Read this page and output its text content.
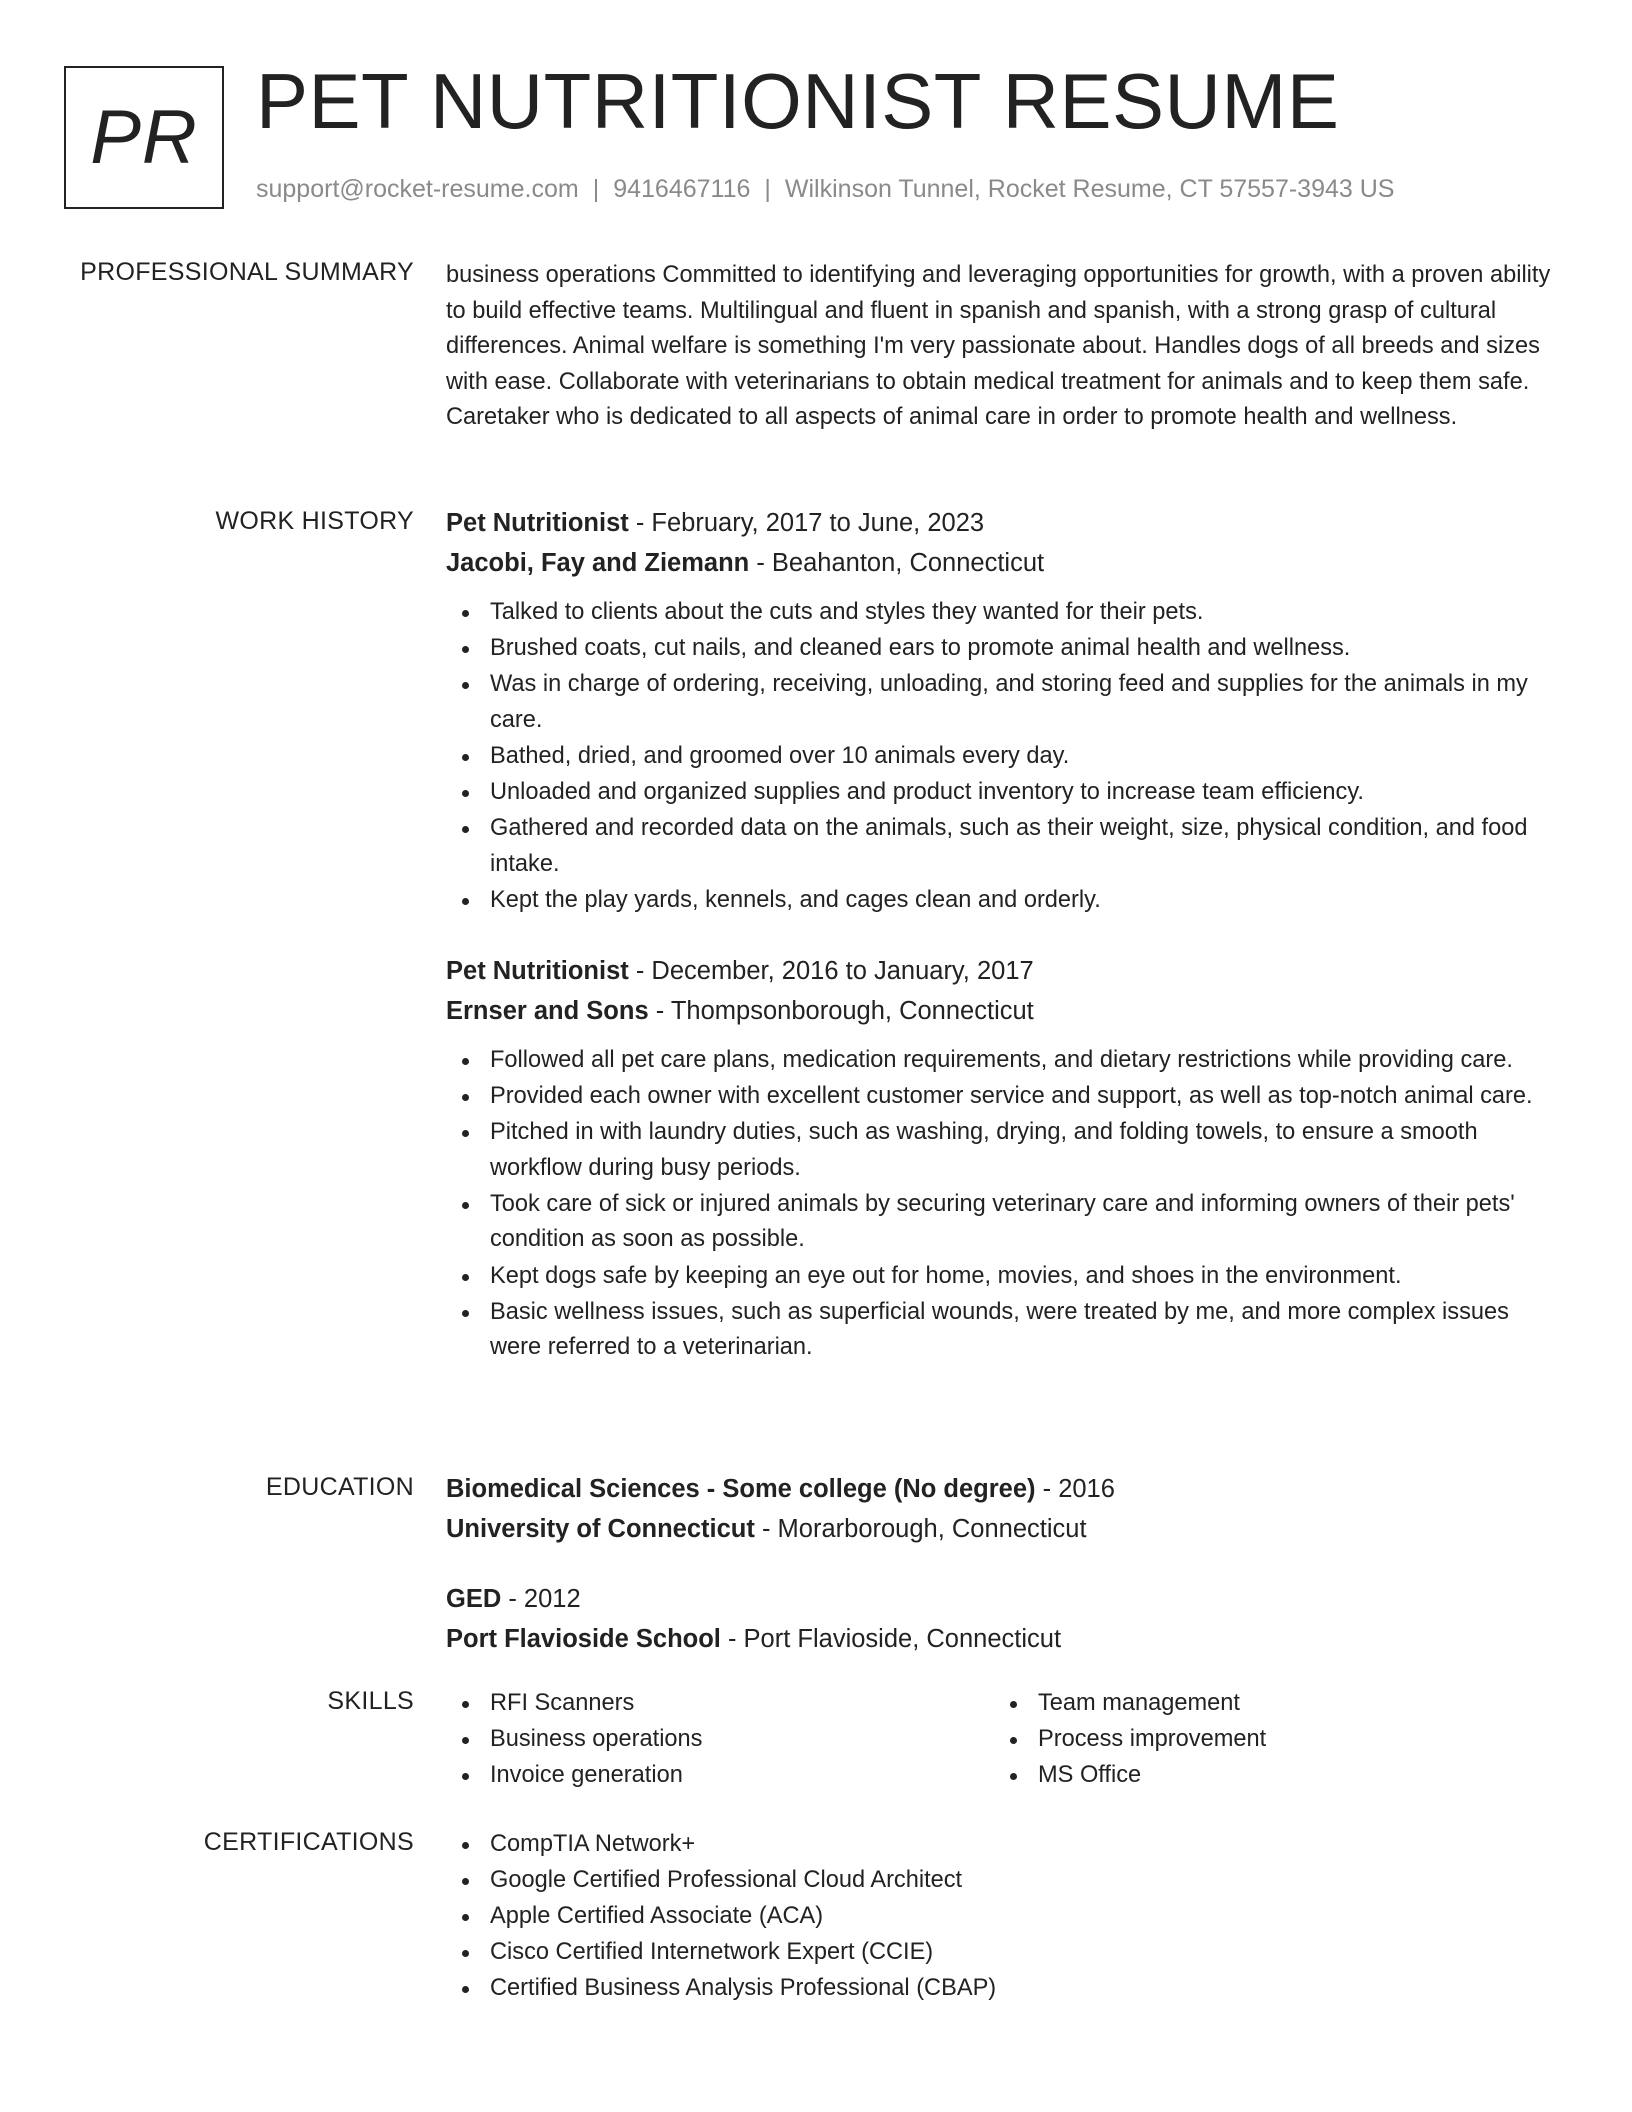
PR PET NUTRITIONIST RESUME
support@rocket-resume.com | 9416467116 | Wilkinson Tunnel, Rocket Resume, CT 57557-3943 US
PROFESSIONAL SUMMARY business operations Committed to identifying and leveraging opportunities for growth, with a proven ability to build effective teams. Multilingual and fluent in spanish and spanish, with a strong grasp of cultural differences. Animal welfare is something I'm very passionate about. Handles dogs of all breeds and sizes with ease. Collaborate with veterinarians to obtain medical treatment for animals and to keep them safe. Caretaker who is dedicated to all aspects of animal care in order to promote health and wellness.
WORK HISTORY Pet Nutritionist - February, 2017 to June, 2023
Jacobi, Fay and Ziemann - Beahanton, Connecticut
Talked to clients about the cuts and styles they wanted for their pets.
Brushed coats, cut nails, and cleaned ears to promote animal health and wellness.
Was in charge of ordering, receiving, unloading, and storing feed and supplies for the animals in my care.
Bathed, dried, and groomed over 10 animals every day.
Unloaded and organized supplies and product inventory to increase team efficiency.
Gathered and recorded data on the animals, such as their weight, size, physical condition, and food intake.
Kept the play yards, kennels, and cages clean and orderly.
Pet Nutritionist - December, 2016 to January, 2017
Ernser and Sons - Thompsonborough, Connecticut
Followed all pet care plans, medication requirements, and dietary restrictions while providing care.
Provided each owner with excellent customer service and support, as well as top-notch animal care.
Pitched in with laundry duties, such as washing, drying, and folding towels, to ensure a smooth workflow during busy periods.
Took care of sick or injured animals by securing veterinary care and informing owners of their pets' condition as soon as possible.
Kept dogs safe by keeping an eye out for home, movies, and shoes in the environment.
Basic wellness issues, such as superficial wounds, were treated by me, and more complex issues were referred to a veterinarian.
EDUCATION Biomedical Sciences - Some college (No degree) - 2016
University of Connecticut - Morarborough, Connecticut
GED - 2012
Port Flavioside School - Port Flavioside, Connecticut
SKILLS	RFI Scanners
Business operations
Invoice generation
Team management
Process improvement
MS Office
CERTIFICATIONS	CompTIA Network+
Google Certified Professional Cloud Architect
Apple Certified Associate (ACA)
Cisco Certified Internetwork Expert (CCIE)
Certified Business Analysis Professional (CBAP)
